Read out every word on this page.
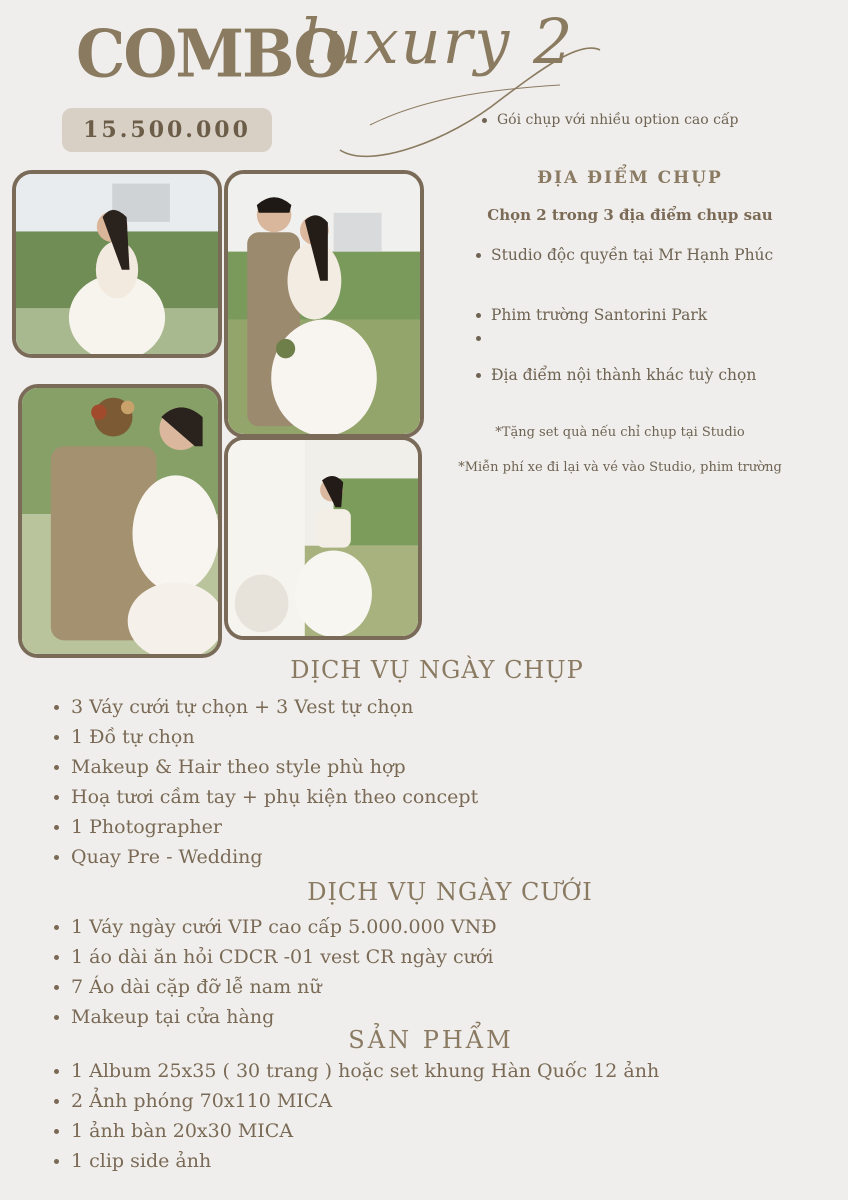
COMBO
luxury 2
15.500.000	Gói chụp với nhiều option cao cấp
ĐỊA ĐIỂM CHỤP
Chọn 2 trong 3 địa điểm chụp sau
Studio độc quyền tại Mr Hạnh Phúc
Phim trường Santorini Park
Địa điểm nội thành khác tuỳ chọn
*Tặng set quà nếu chỉ chụp tại Studio
*Miễn phí xe đi lại và vé vào Studio, phim trường
DỊCH VỤ NGÀY CHỤP
3 Váy cưới tự chọn + 3 Vest tự chọn
1 Đồ tự chọn
Makeup & Hair theo style phù hợp
Hoạ tươi cầm tay + phụ kiện theo concept
1 Photographer
Quay Pre - Wedding
DỊCH VỤ NGÀY CƯỚI
1 Váy ngày cưới VIP cao cấp 5.000.000 VNĐ
1 áo dài ăn hỏi CDCR -01 vest CR ngày cưới
7 Áo dài cặp đỡ lễ nam nữ
Makeup tại cửa hàng
SẢN PHẨM
1 Album 25x35 ( 30 trang ) hoặc set khung Hàn Quốc 12 ảnh
2 Ảnh phóng 70x110 MICA
1 ảnh bàn 20x30 MICA
1 clip side ảnh
